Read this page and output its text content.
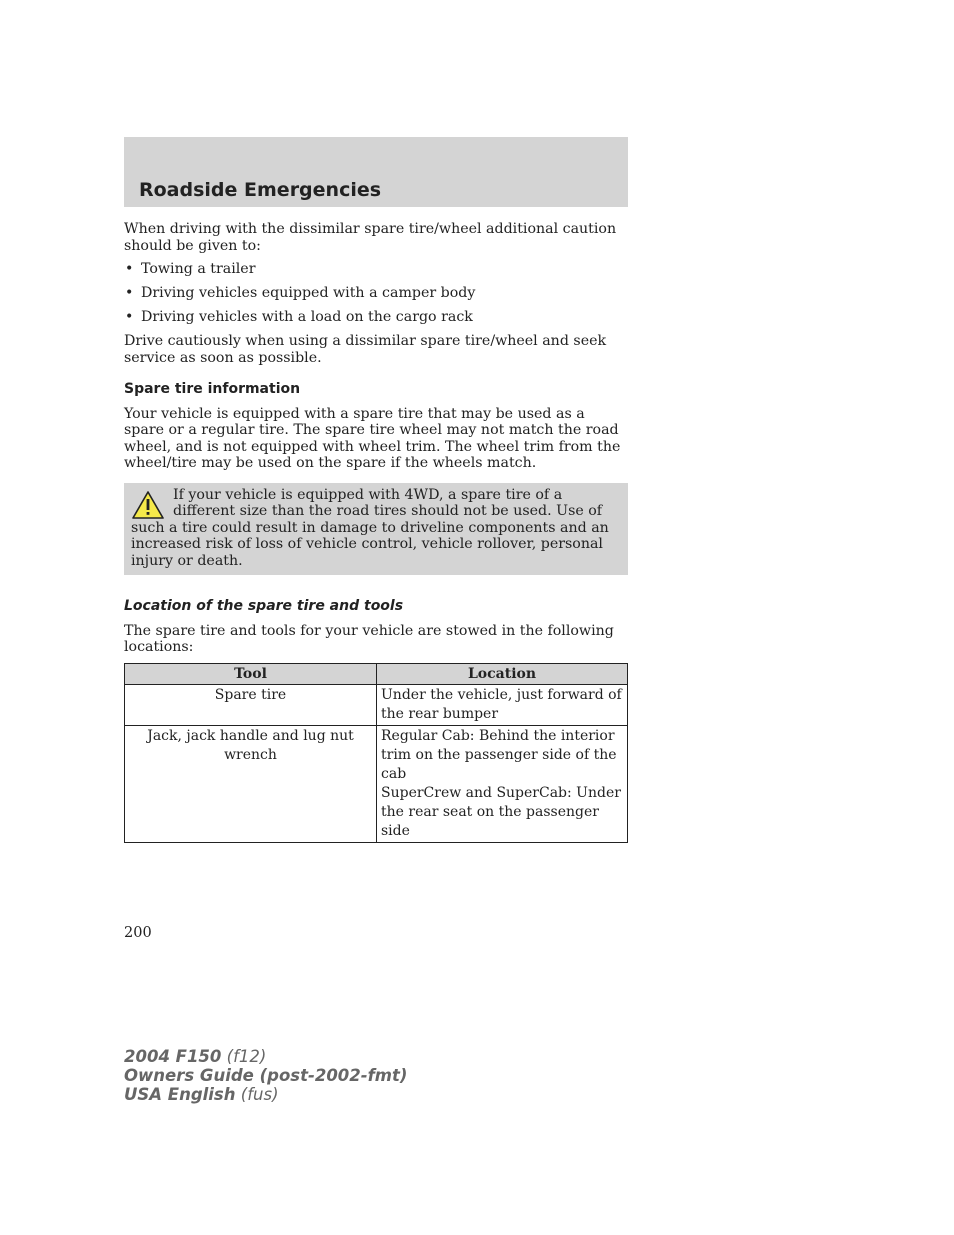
Roadside Emergencies

When driving with the dissimilar spare tire/wheel additional caution should be given to:

• Towing a trailer
• Driving vehicles equipped with a camper body
• Driving vehicles with a load on the cargo rack

Drive cautiously when using a dissimilar spare tire/wheel and seek service as soon as possible.

Spare tire information

Your vehicle is equipped with a spare tire that may be used as a spare or a regular tire. The spare tire wheel may not match the road wheel, and is not equipped with wheel trim. The wheel trim from the wheel/tire may be used on the spare if the wheels match.

If your vehicle is equipped with 4WD, a spare tire of a different size than the road tires should not be used. Use of such a tire could result in damage to driveline components and an increased risk of loss of vehicle control, vehicle rollover, personal injury or death.

Location of the spare tire and tools

The spare tire and tools for your vehicle are stowed in the following locations:

Tool	Location
Spare tire	Under the vehicle, just forward of the rear bumper

Jack, jack handle and lug nut wrench	Regular Cab: Behind the interior trim on the passenger side of the cab
SuperCrew and SuperCab: Under the rear seat on the passenger side
200
2004 F150 (f12)
Owners Guide (post-2002-fmt)
USA English (fus)
